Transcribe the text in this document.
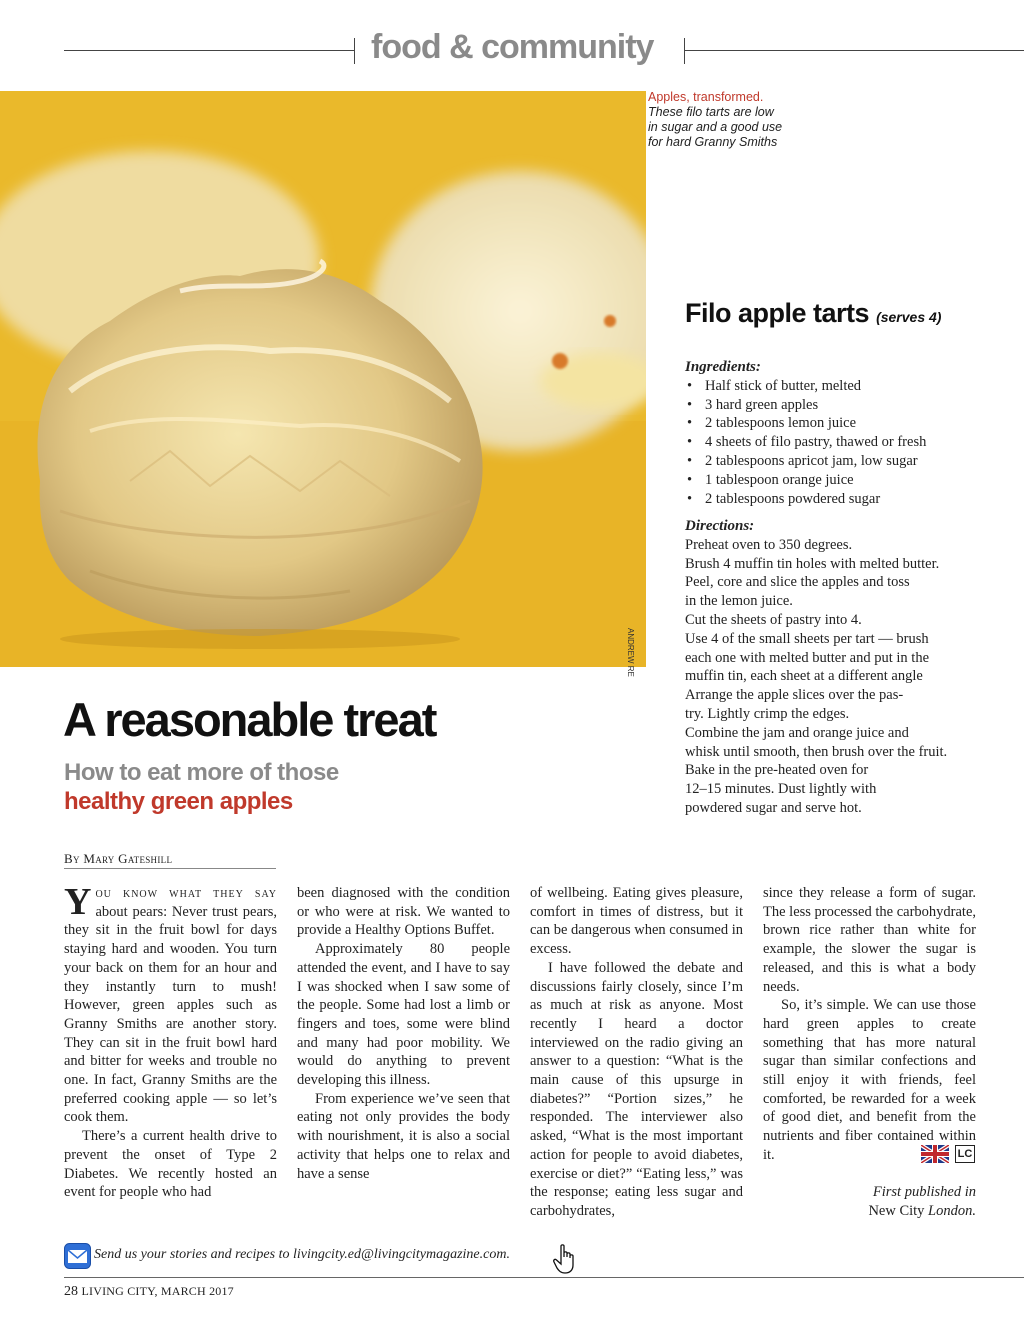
food & community
ANDREW RE
Apples, transformed.
These filo tarts are low
in sugar and a good use
for hard Granny Smiths
Filo apple tarts (serves 4)
Ingredients:
• Half stick of butter, melted
• 3 hard green apples
• 2 tablespoons lemon juice
• 4 sheets of filo pastry, thawed or fresh
• 2 tablespoons apricot jam, low sugar
• 1 tablespoon orange juice
• 2 tablespoons powdered sugar
Directions:
Preheat oven to 350 degrees.
Brush 4 muffin tin holes with melted butter.
Peel, core and slice the apples and toss
in the lemon juice.
Cut the sheets of pastry into 4.
Use 4 of the small sheets per tart — brush
each one with melted butter and put in the
muffin tin, each sheet at a different angle
Arrange the apple slices over the pas-
try. Lightly crimp the edges.
Combine the jam and orange juice and
whisk until smooth, then brush over the fruit.
Bake in the pre-heated oven for
12–15 minutes. Dust lightly with
powdered sugar and serve hot.
A reasonable treat
How to eat more of those
healthy green apples
By Mary Gateshill

You know what they say about pears: Never trust pears, they sit in the fruit bowl for days staying hard and wooden. You turn your back on them for an hour and they instantly turn to mush! However, green apples such as Granny Smiths are another story. They can sit in the fruit bowl hard and bitter for weeks and trouble no one. In fact, Granny Smiths are the preferred cooking apple — so let’s cook them.

There’s a current health drive to prevent the onset of Type 2 Diabetes. We recently hosted an event for people who had

been diagnosed with the condition or who were at risk. We wanted to provide a Healthy Options Buffet.

Approximately 80 people attended the event, and I have to say I was shocked when I saw some of the people. Some had lost a limb or fingers and toes, some were blind and many had poor mobility. We would do anything to prevent developing this illness.

From experience we’ve seen that eating not only provides the body with nourishment, it is also a social activity that helps one to relax and have a sense

of wellbeing. Eating gives pleasure, comfort in times of distress, but it can be dangerous when consumed in excess.

I have followed the debate and discussions fairly closely, since I’m as much at risk as anyone. Most recently I heard a doctor interviewed on the radio giving an answer to a question: “What is the main cause of this upsurge in diabetes?” “Portion sizes,” he responded. The interviewer also asked, “What is the most important action for people to avoid diabetes, exercise or diet?” “Eating less,” was the response; eating less sugar and carbohydrates,

since they release a form of sugar. The less processed the carbohydrate, brown rice rather than white for example, the slower the sugar is released, and this is what a body needs.

So, it’s simple. We can use those hard green apples to create something that has more natural sugar than similar confections and still enjoy it with friends, feel comforted, be rewarded for a week of good diet, and benefit from the nutrients and fiber contained within it.	LC
First published in
New City London.
Send us your stories and recipes to livingcity.ed@livingcitymagazine.com.
28 LIVING CITY, MARCH 2017
